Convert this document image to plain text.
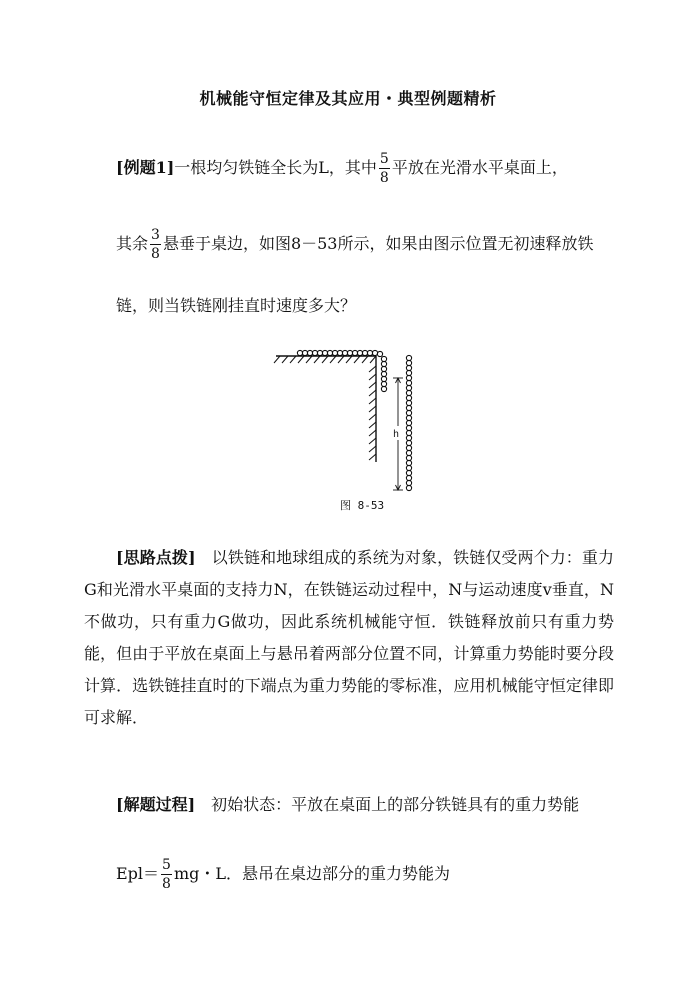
机械能守恒定律及其应用・典型例题精析
[例题1]一根均匀铁链全长为L，其中 $\frac{5}{8}$ 平放在光滑水平桌面上，
其余 $\frac{3}{8}$ 悬垂于桌边，如图8－53所示，如果由图示位置无初速释放铁
链，则当铁链刚挂直时速度多大？
h
图 8-53
[思路点拨]　以铁链和地球组成的系统为对象，铁链仅受两个力：重力G和光滑水平桌面的支持力N，在铁链运动过程中，N与运动速度v垂直，N不做功，只有重力G做功，因此系统机械能守恒．铁链释放前只有重力势能，但由于平放在桌面上与悬吊着两部分位置不同，计算重力势能时要分段计算．选铁链挂直时的下端点为重力势能的零标准，应用机械能守恒定律即可求解．
[解题过程]　初始状态：平放在桌面上的部分铁链具有的重力势能
$Epl= \frac{5}{8}$ mg・L．悬吊在桌边部分的重力势能为
